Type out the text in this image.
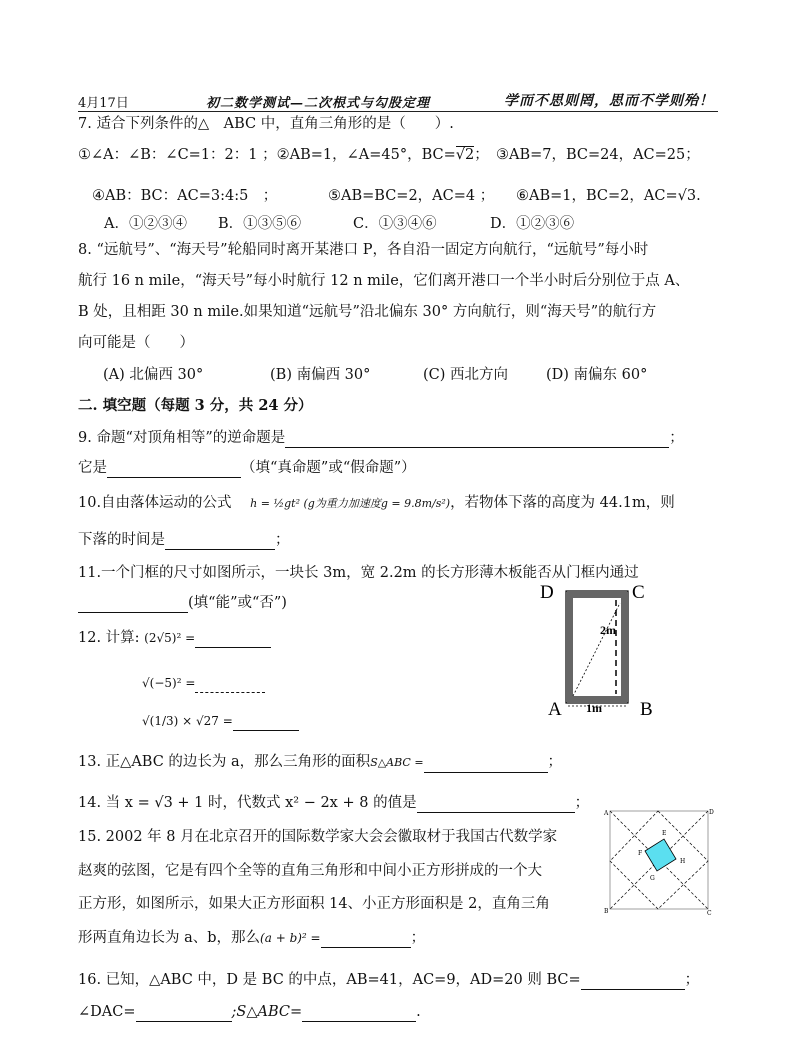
4月17日	初二数学测试—二次根式与勾股定理	学而不思则罔，思而不学则殆！
7. 适合下列条件的△　ABC 中，直角三角形的是（　　）.
①∠A：∠B：∠C=1：2：1 ；②AB=1，∠A=45°，BC=√2；　③AB=7，BC=24，AC=25；
④AB：BC：AC=3:4:5　；	⑤AB=BC=2，AC=4 ； ⑥AB=1，BC=2，AC=√3.
A．①②③④ B．①③⑤⑥	C．①③④⑥	D．①②③⑥
8. “远航号”、“海天号”轮船同时离开某港口 P，各自沿一固定方向航行，“远航号”每小时
航行 16 n mile，“海天号”每小时航行 12 n mile，它们离开港口一个半小时后分别位于点 A、
B 处，且相距 30 n mile.如果知道“远航号”沿北偏东 30° 方向航行，则“海天号”的航行方
向可能是（　　）
(A) 北偏西 30°	(B) 南偏西 30°	(C) 西北方向	(D) 南偏东 60°
二. 填空题（每题 3 分，共 24 分）
9. 命题“对顶角相等”的逆命题是	；
它是	（填“真命题”或“假命题”）
10.自由落体运动的公式 h = ½gt² (g为重力加速度g = 9.8m/s²)，若物体下落的高度为 44.1m，则
下落的时间是	；
11.一个门框的尺寸如图所示，一块长 3m，宽 2.2m 的长方形薄木板能否从门框内通过
(填“能”或“否”)	D	C
A	B
2m
1m
12. 计算: (2√5)² =
√(−5)² =
√(1/3) × √27 =
13. 正△ABC 的边长为 a，那么三角形的面积S△ABC =	；
14. 当 x = √3 + 1 时，代数式 x² − 2x + 8 的值是	；
15. 2002 年 8 月在北京召开的国际数学家大会会徽取材于我国古代数学家
赵爽的弦图，它是有四个全等的直角三角形和中间小正方形拼成的一个大
正方形，如图所示，如果大正方形面积 14、小正方形面积是 2，直角三角
形两直角边长为 a、b，那么(a + b)² =	；
A
B	C
D
E
F
G
H
16. 已知，△ABC 中，D 是 BC 的中点，AB=41，AC=9，AD=20 则 BC=	；
∠DAC=	;S△ABC=	.
